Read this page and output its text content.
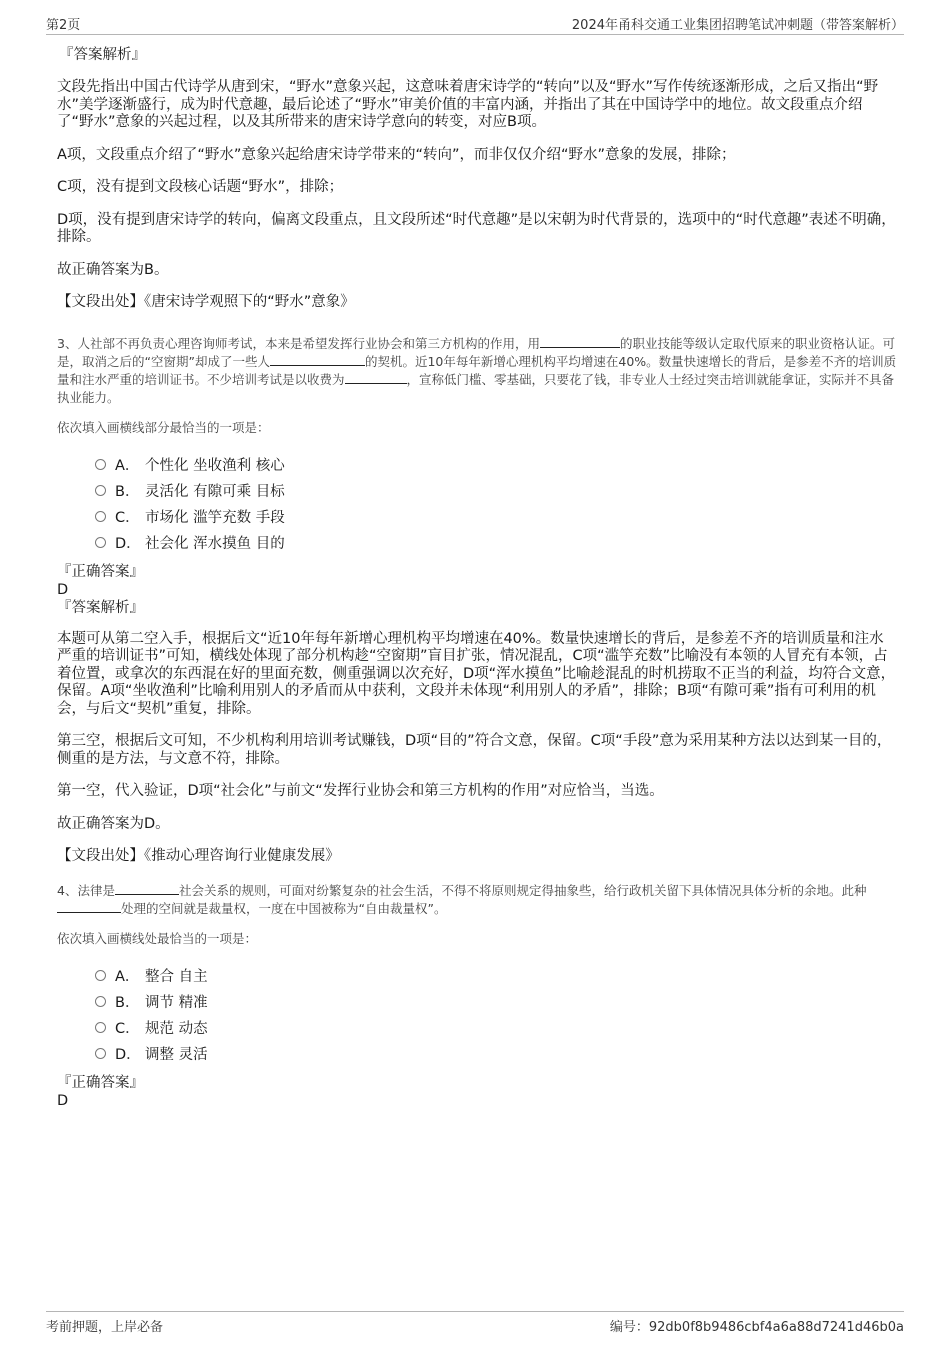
第2页	2024年甬科交通工业集团招聘笔试冲刺题（带答案解析）
『答案解析』

文段先指出中国古代诗学从唐到宋，“野水”意象兴起，这意味着唐宋诗学的“转向”以及“野水”写作传统逐渐形成，之后又指出“野水”美学逐渐盛行，成为时代意趣，最后论述了“野水”审美价值的丰富内涵，并指出了其在中国诗学中的地位。故文段重点介绍了“野水”意象的兴起过程，以及其所带来的唐宋诗学意向的转变，对应B项。

A项，文段重点介绍了“野水”意象兴起给唐宋诗学带来的“转向”，而非仅仅介绍“野水”意象的发展，排除；

C项，没有提到文段核心话题“野水”，排除；

D项，没有提到唐宋诗学的转向，偏离文段重点，且文段所述“时代意趣”是以宋朝为时代背景的，选项中的“时代意趣”表述不明确，排除。

故正确答案为B。

【文段出处】《唐宋诗学观照下的“野水”意象》

3、人社部不再负责心理咨询师考试，本来是希望发挥行业协会和第三方机构的作用，用	的职业技能等级认定取代原来的职业资格认证。可是，取消之后的“空窗期”却成了一些人	的契机。近10年每年新增心理机构平均增速在40%。数量快速增长的背后，是参差不齐的培训质量和注水严重的培训证书。不少培训考试是以收费为	，宣称低门槛、零基础，只要花了钱，非专业人士经过突击培训就能拿证，实际并不具备执业能力。

依次填入画横线部分最恰当的一项是：

A． 个性化 坐收渔利 核心
B． 灵活化 有隙可乘 目标
C． 市场化 滥竽充数 手段
D． 社会化 浑水摸鱼 目的
『正确答案』
D
『答案解析』

本题可从第二空入手，根据后文“近10年每年新增心理机构平均增速在40%。数量快速增长的背后，是参差不齐的培训质量和注水严重的培训证书”可知，横线处体现了部分机构趁“空窗期”盲目扩张，情况混乱，C项“滥竽充数”比喻没有本领的人冒充有本领，占着位置，或拿次的东西混在好的里面充数，侧重强调以次充好，D项“浑水摸鱼”比喻趁混乱的时机捞取不正当的利益，均符合文意，保留。A项“坐收渔利”比喻利用别人的矛盾而从中获利，文段并未体现“利用别人的矛盾”，排除；B项“有隙可乘”指有可利用的机会，与后文“契机”重复，排除。

第三空，根据后文可知，不少机构利用培训考试赚钱，D项“目的”符合文意，保留。C项“手段”意为采用某种方法以达到某一目的，侧重的是方法，与文意不符，排除。

第一空，代入验证，D项“社会化”与前文“发挥行业协会和第三方机构的作用”对应恰当，当选。

故正确答案为D。

【文段出处】《推动心理咨询行业健康发展》

4、法律是	社会关系的规则，可面对纷繁复杂的社会生活，不得不将原则规定得抽象些，给行政机关留下具体情况具体分析的余地。此种处理的空间就是裁量权，一度在中国被称为“自由裁量权”。

依次填入画横线处最恰当的一项是：

A． 整合 自主
B． 调节 精准
C． 规范 动态
D． 调整 灵活
『正确答案』
D
考前押题，上岸必备	编号：92db0f8b9486cbf4a6a88d7241d46b0a
